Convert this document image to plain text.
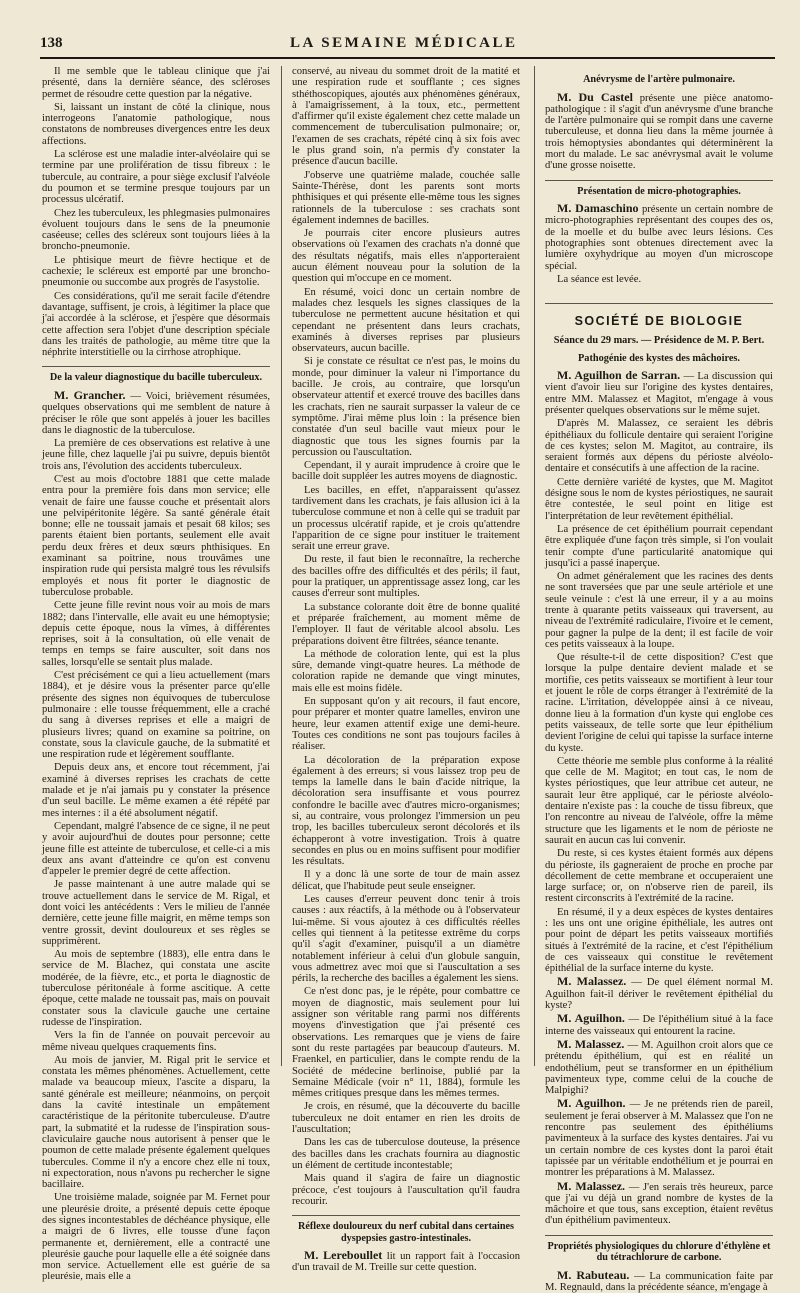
138	LA SEMAINE MÉDICALE

Il me semble que le tableau clinique que j'ai présenté, dans la dernière séance, des scléroses permet de résoudre cette question par la négative.

Si, laissant un instant de côté la clinique, nous interrogeons l'anatomie pathologique, nous constatons de nombreuses divergences entre les deux affections.

La sclérose est une maladie inter-alvéolaire qui se termine par une prolifération de tissu fibreux : le tubercule, au contraire, a pour siège exclusif l'alvéole du poumon et se termine presque toujours par un processus ulcératif.

Chez les tuberculeux, les phlegmasies pulmonaires évoluent toujours dans le sens de la pneumonie caséeuse; celles des scléreux sont toujours liées à la broncho-pneumonie.

Le phtisique meurt de fièvre hectique et de cachexie; le scléreux est emporté par une broncho-pneumonie ou succombe aux progrès de l'asystolie.

Ces considérations, qu'il me serait facile d'étendre davantage, suffisent, je crois, à légitimer la place que j'ai accordée à la sclérose, et j'espère que désormais cette affection sera l'objet d'une description spéciale dans les traités de pathologie, au même titre que la néphrite interstitielle ou la cirrhose atrophique.

De la valeur diagnostique du bacille tuberculeux.

M. Grancher. — Voici, brièvement résumées, quelques observations qui me semblent de nature à préciser le rôle que sont appelés à jouer les bacilles dans le diagnostic de la tuberculose.

La première de ces observations est relative à une jeune fille, chez laquelle j'ai pu suivre, depuis bientôt trois ans, l'évolution des accidents tuberculeux.

C'est au mois d'octobre 1881 que cette malade entra pour la première fois dans mon service; elle venait de faire une fausse couche et présentait alors une pelvipéritonite légère. Sa santé générale était bonne; elle ne toussait jamais et pesait 68 kilos; ses parents étaient bien portants, seulement elle avait perdu deux frères et deux sœurs phthisiques. En examinant sa poitrine, nous trouvâmes une inspiration rude qui persista malgré tous les révulsifs employés et nous fit porter le diagnostic de tuberculose probable.

Cette jeune fille revint nous voir au mois de mars 1882; dans l'intervalle, elle avait eu une hémoptysie; depuis cette époque, nous la vîmes, à différentes reprises, soit à la consultation, où elle venait de temps en temps se faire ausculter, soit dans nos salles, lorsqu'elle se sentait plus malade.

C'est précisément ce qui a lieu actuellement (mars 1884), et je désire vous la présenter parce qu'elle présente des signes non équivoques de tuberculose pulmonaire : elle tousse fréquemment, elle a craché du sang à diverses reprises et elle a maigri de plusieurs livres; quand on examine sa poitrine, on constate, sous la clavicule gauche, de la submatité et une respiration rude et légèrement soufflante.

Depuis deux ans, et encore tout récemment, j'ai examiné à diverses reprises les crachats de cette malade et je n'ai jamais pu y constater la présence d'un seul bacille. Le même examen a été répété par mes internes : il a été absolument négatif.

Cependant, malgré l'absence de ce signe, il ne peut y avoir aujourd'hui de doutes pour personne; cette jeune fille est atteinte de tuberculose, et celle-ci a mis deux ans avant d'atteindre ce qu'on est convenu d'appeler le premier degré de cette affection.

Je passe maintenant à une autre malade qui se trouve actuellement dans le service de M. Rigal, et dont voici les antécédents : Vers le milieu de l'année dernière, cette jeune fille maigrit, en même temps son ventre grossit, devint douloureux et ses règles se supprimèrent.

Au mois de septembre (1883), elle entra dans le service de M. Blachez, qui constata une ascite modérée, de la fièvre, etc., et porta le diagnostic de tuberculose péritonéale à forme ascitique. A cette époque, cette malade ne toussait pas, mais on pouvait constater sous la clavicule gauche une certaine rudesse de l'inspiration.

Vers la fin de l'année on pouvait percevoir au même niveau quelques craquements fins.

Au mois de janvier, M. Rigal prit le service et constata les mêmes phénomènes. Actuellement, cette malade va beaucoup mieux, l'ascite a disparu, la santé générale est meilleure; néanmoins, on perçoit dans la cavité intestinale un empâtement caractéristique de la péritonite tuberculeuse. D'autre part, la submatité et la rudesse de l'inspiration sous-claviculaire gauche nous autorisent à penser que le poumon de cette malade présente également quelques tubercules. Comme il n'y a encore chez elle ni toux, ni expectoration, nous n'avons pu rechercher le signe bacillaire.

Une troisième malade, soignée par M. Fernet pour une pleurésie droite, a présenté depuis cette époque des signes incontestables de déchéance physique, elle a maigri de 6 livres, elle tousse d'une façon permanente et, dernièrement, elle a contracté une pleurésie gauche pour laquelle elle a été soignée dans mon service. Actuellement elle est guérie de sa pleurésie, mais elle a

conservé, au niveau du sommet droit de la matité et une respiration rude et soufflante ; ces signes sthéthoscopiques, ajoutés aux phénomènes généraux, à l'amaigrissement, à la toux, etc., permettent d'affirmer qu'il existe également chez cette malade un commencement de tuberculisation pulmonaire; or, l'examen de ses crachats, répété cinq à six fois avec le plus grand soin, n'a permis d'y constater la présence d'aucun bacille.

J'observe une quatrième malade, couchée salle Sainte-Thérèse, dont les parents sont morts phthisiques et qui présente elle-même tous les signes rationnels de la tuberculose : ses crachats sont également indemnes de bacilles.

Je pourrais citer encore plusieurs autres observations où l'examen des crachats n'a donné que des résultats négatifs, mais elles n'apporteraient aucun élément nouveau pour la solution de la question qui m'occupe en ce moment.

En résumé, voici donc un certain nombre de malades chez lesquels les signes classiques de la tuberculose ne permettent aucune hésitation et qui cependant ne présentent dans leurs crachats, examinés à diverses reprises par plusieurs observateurs, aucun bacille.

Si je constate ce résultat ce n'est pas, le moins du monde, pour diminuer la valeur ni l'importance du bacille. Je crois, au contraire, que lorsqu'un observateur attentif et exercé trouve des bacilles dans les crachats, rien ne saurait surpasser la valeur de ce symptôme. J'irai même plus loin : la présence bien constatée d'un seul bacille vaut mieux pour le diagnostic que tous les signes fournis par la percussion ou l'auscultation.

Cependant, il y aurait imprudence à croire que le bacille doit suppléer les autres moyens de diagnostic.

Les bacilles, en effet, n'apparaissent qu'assez tardivement dans les crachats, je fais allusion ici à la tuberculose commune et non à celle qui se traduit par un processus ulcératif rapide, et je crois qu'attendre l'apparition de ce signe pour instituer le traitement serait une erreur grave.

Du reste, il faut bien le reconnaître, la recherche des bacilles offre des difficultés et des périls; il faut, pour la pratiquer, un apprentissage assez long, car les causes d'erreur sont multiples.

La substance colorante doit être de bonne qualité et préparée fraîchement, au moment même de l'employer. Il faut de véritable alcool absolu. Les préparations doivent être filtrées, séance tenante.

La méthode de coloration lente, qui est la plus sûre, demande vingt-quatre heures. La méthode de coloration rapide ne demande que vingt minutes, mais elle est moins fidèle.

En supposant qu'on y ait recours, il faut encore, pour préparer et monter quatre lamelles, environ une heure, leur examen attentif exige une demi-heure. Toutes ces conditions ne sont pas toujours faciles à réaliser.

La décoloration de la préparation expose également à des erreurs; si vous laissez trop peu de temps la lamelle dans le bain d'acide nitrique, la décoloration sera insuffisante et vous pourrez confondre le bacille avec d'autres micro-organismes; si, au contraire, vous prolongez l'immersion un peu trop, les bacilles tuberculeux seront décolorés et ils échapperont à votre investigation. Trois à quatre secondes en plus ou en moins suffisent pour modifier les résultats.

Il y a donc là une sorte de tour de main assez délicat, que l'habitude peut seule enseigner.

Les causes d'erreur peuvent donc tenir à trois causes : aux réactifs, à la méthode ou à l'observateur lui-même. Si vous ajoutez à ces difficultés réelles celles qui tiennent à la petitesse extrême du corps qu'il s'agit d'examiner, puisqu'il a un diamètre notablement inférieur à celui d'un globule sanguin, vous admettrez avec moi que si l'auscultation a ses périls, la recherche des bacilles a également les siens.

Ce n'est donc pas, je le répète, pour combattre ce moyen de diagnostic, mais seulement pour lui assigner son véritable rang parmi nos différents moyens d'investigation que j'ai présenté ces observations. Les remarques que je viens de faire sont du reste partagées par beaucoup d'auteurs. M. Fraenkel, en particulier, dans le compte rendu de la Société de médecine berlinoise, publié par la Semaine Médicale (voir n° 11, 1884), formule les mêmes critiques presque dans les mêmes termes.

Je crois, en résumé, que la découverte du bacille tuberculeux ne doit entamer en rien les droits de l'auscultation;

Dans les cas de tuberculose douteuse, la présence des bacilles dans les crachats fournira au diagnostic un élément de certitude incontestable;

Mais quand il s'agira de faire un diagnostic précoce, c'est toujours à l'auscultation qu'il faudra recourir.

Réflexe douloureux du nerf cubital dans certaines dyspepsies gastro-intestinales.

M. Lereboullet lit un rapport fait à l'occasion d'un travail de M. Treille sur cette question.

Anévrysme de l'artère pulmonaire.

M. Du Castel présente une pièce anatomo-pathologique : il s'agit d'un anévrysme d'une branche de l'artère pulmonaire qui se rompit dans une caverne tuberculeuse, et donna lieu dans la même journée à trois hémoptysies abondantes qui déterminèrent la mort du malade. Le sac anévrysmal avait le volume d'une grosse noisette.

Présentation de micro-photographies.

M. Damaschino présente un certain nombre de micro-photographies représentant des coupes des os, de la moelle et du bulbe avec leurs lésions. Ces photographies sont obtenues directement avec la lumière oxyhydrique au moyen d'un microscope spécial.

La séance est levée.

SOCIÉTÉ DE BIOLOGIE

Séance du 29 mars. — Présidence de M. P. Bert.

Pathogénie des kystes des mâchoires.

M. Aguilhon de Sarran. — La discussion qui vient d'avoir lieu sur l'origine des kystes dentaires, entre MM. Malassez et Magitot, m'engage à vous présenter quelques observations sur le même sujet.

D'après M. Malassez, ce seraient les débris épithéliaux du follicule dentaire qui seraient l'origine de ces kystes; selon M. Magitot, au contraire, ils seraient formés aux dépens du périoste alvéolo-dentaire et consécutifs à une affection de la racine.

Cette dernière variété de kystes, que M. Magitot désigne sous le nom de kystes périostiques, ne saurait être contestée, le seul point en litige est l'interprétation de leur revêtement épithélial.

La présence de cet épithélium pourrait cependant être expliquée d'une façon très simple, si l'on voulait tenir compte d'une particularité anatomique qui jusqu'ici a passé inaperçue.

On admet généralement que les racines des dents ne sont traversées que par une seule artériole et une seule veinule : c'est là une erreur, il y a au moins trente à quarante petits vaisseaux qui traversent, au niveau de l'extrémité radiculaire, l'ivoire et le cement, pour gagner la pulpe de la dent; il est facile de voir ces petits vaisseaux à la loupe.

Que résulte-t-il de cette disposition? C'est que lorsque la pulpe dentaire devient malade et se mortifie, ces petits vaisseaux se mortifient à leur tour et jouent le rôle de corps étranger à l'extrémité de la racine. L'irritation, développée ainsi à ce niveau, donne lieu à la formation d'un kyste qui englobe ces petits vaisseaux, de telle sorte que leur épithélium devient l'origine de celui qui tapisse la surface interne du kyste.

Cette théorie me semble plus conforme à la réalité que celle de M. Magitot; en tout cas, le nom de kystes périostiques, que leur attribue cet auteur, ne saurait leur être appliqué, car le périoste alvéolo-dentaire n'existe pas : la couche de tissu fibreux, que l'on rencontre au niveau de l'alvéole, offre la même structure que les ligaments et le nom de périoste ne saurait en aucun cas lui convenir.

Du reste, si ces kystes étaient formés aux dépens du périoste, ils gagneraient de proche en proche par décollement de cette membrane et occuperaient une large surface; or, on n'observe rien de pareil, ils restent circonscrits à l'extrémité de la racine.

En résumé, il y a deux espèces de kystes dentaires : les uns ont une origine épithéliale, les autres ont pour point de départ les petits vaisseaux mortifiés situés à l'extrémité de la racine, et c'est l'épithélium de ces vaisseaux qui constitue le revêtement épithélial de la surface interne du kyste.

M. Malassez. — De quel élément normal M. Aguilhon fait-il dériver le revêtement épithélial du kyste?

M. Aguilhon. — De l'épithélium situé à la face interne des vaisseaux qui entourent la racine.

M. Malassez. — M. Aguilhon croit alors que ce prétendu épithélium, qui est en réalité un endothélium, peut se transformer en un épithélium pavimenteux type, comme celui de la couche de Malpighi?

M. Aguilhon. — Je ne prétends rien de pareil, seulement je ferai observer à M. Malassez que l'on ne rencontre pas seulement des épithéliums pavimenteux à la surface des kystes dentaires. J'ai vu un certain nombre de ces kystes dont la paroi était tapissée par un véritable endothélium et je pourrai en montrer les préparations à M. Malassez.

M. Malassez. — J'en serais très heureux, parce que j'ai vu déjà un grand nombre de kystes de la mâchoire et que tous, sans exception, étaient revêtus d'un épithélium pavimenteux.

Propriétés physiologiques du chlorure d'éthylène et du tétrachlorure de carbone.

M. Rabuteau. — La communication faite par M. Regnauld, dans la précédente séance, m'engage à
